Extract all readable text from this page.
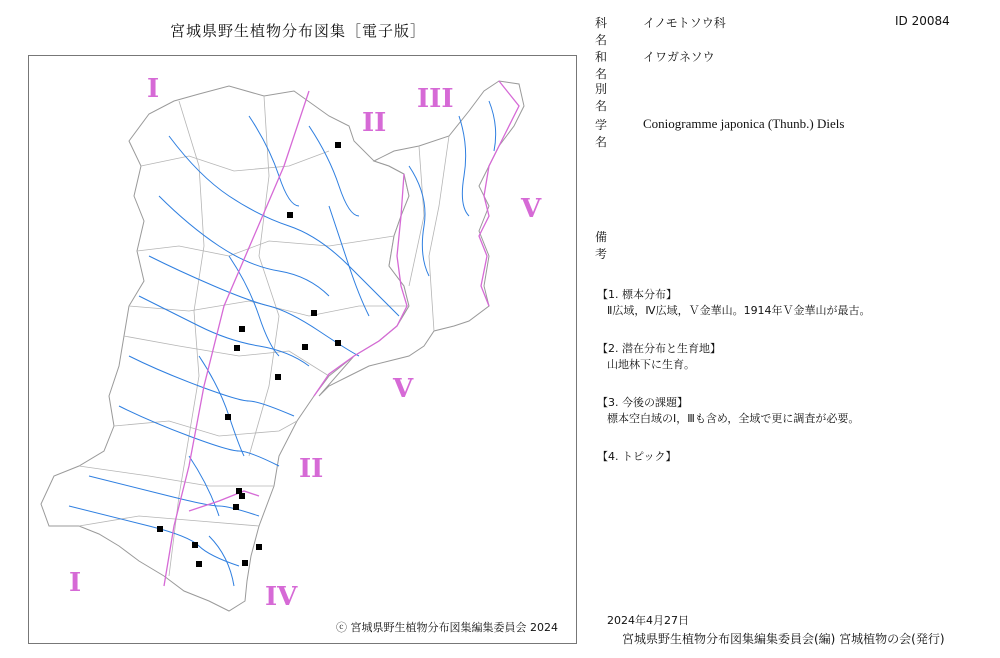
宮城県野生植物分布図集［電子版］
I
II
III
V
V
II
I	IV
ⓒ 宮城県野生植物分布図集編集委員会 2024
科 名
イノモトソウ科	ID 20084
和 名
イワガネソウ
別 名
学 名
Coniogramme japonica (Thunb.) Diels
備 考
【1. 標本分布】
Ⅱ広域，Ⅳ広域，Ｖ金華山。1914年Ｖ金華山が最古。
【2. 潜在分布と生育地】
山地林下に生育。
【3. 今後の課題】
標本空白域のⅠ，Ⅲも含め，全域で更に調査が必要。
【4. トピック】
2024年4月27日
宮城県野生植物分布図集編集委員会(編) 宮城植物の会(発行)
